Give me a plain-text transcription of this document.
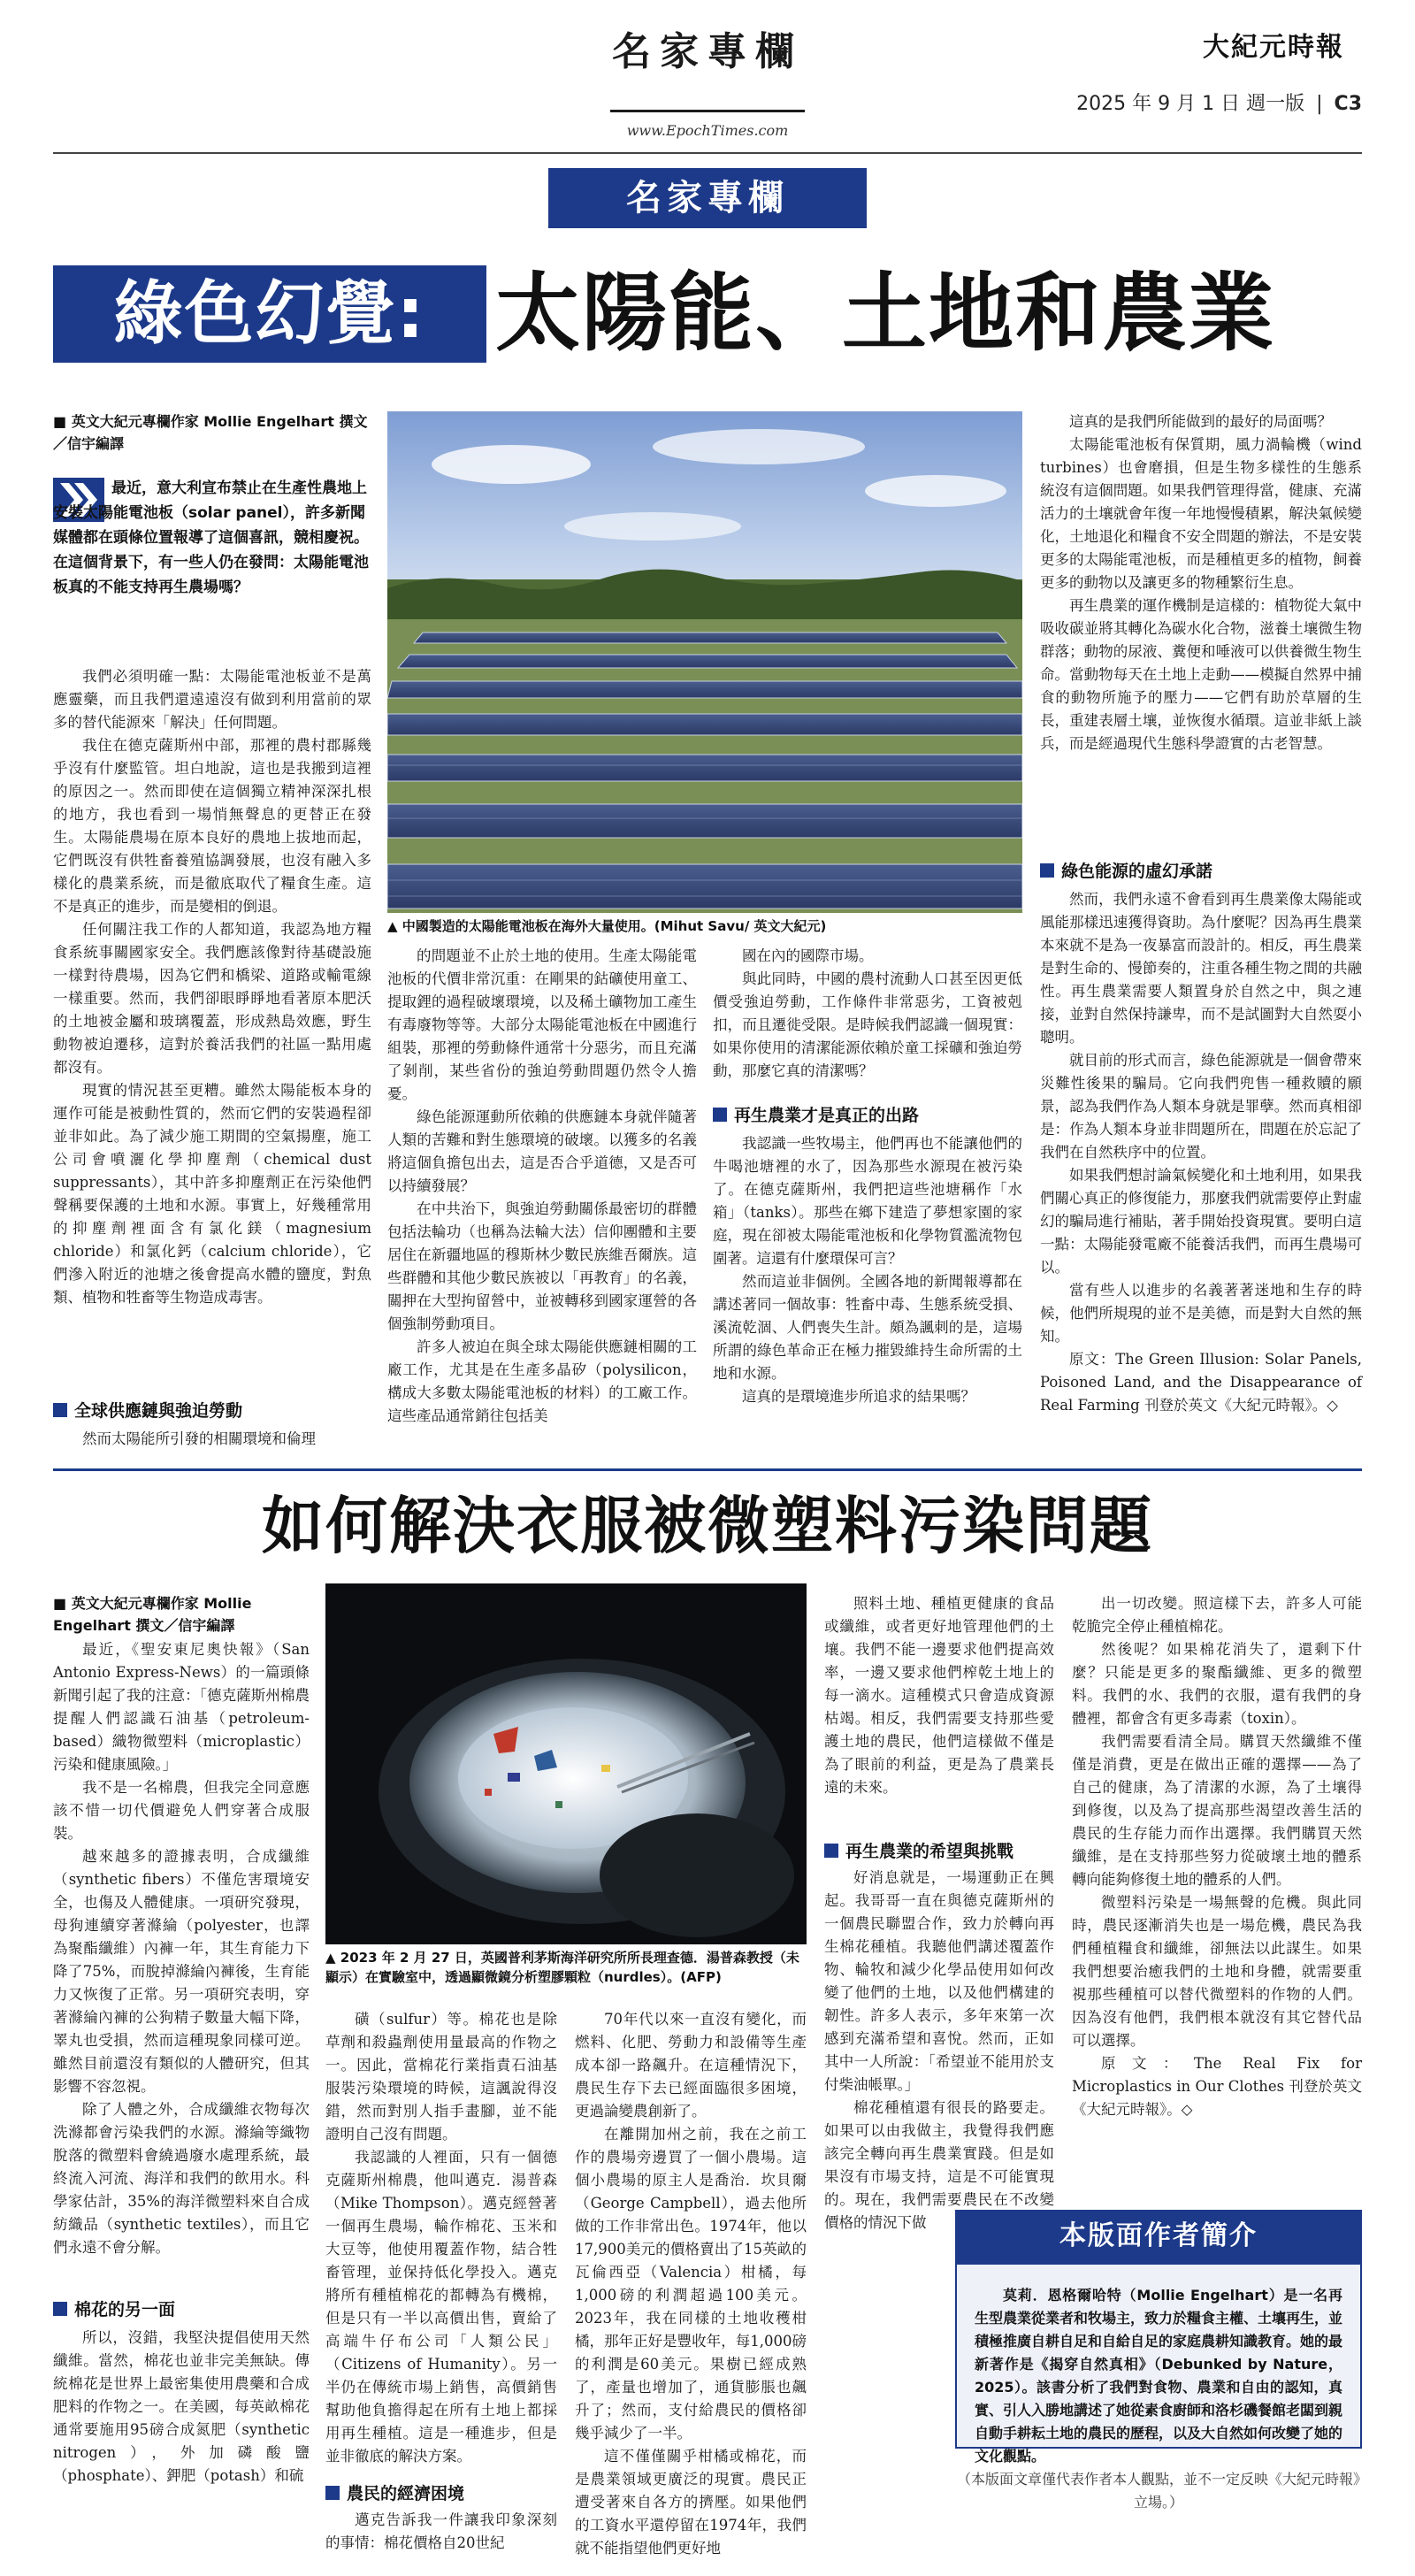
名家專欄
www.EpochTimes.com
大紀元時報
2025 年 9 月 1 日 週一版 | C3
名家專欄
綠色幻覺: 太陽能、土地和農業
■ 英文大紀元專欄作家 Mollie Engelhart 撰文／信宇編譯
最近，意大利宣布禁止在生產性農地上安裝太陽能電池板（solar panel），許多新聞媒體都在頭條位置報導了這個喜訊，競相慶祝。在這個背景下，有一些人仍在發問：太陽能電池板真的不能支持再生農場嗎？

我們必須明確一點：太陽能電池板並不是萬應靈藥，而且我們還遠遠沒有做到利用當前的眾多的替代能源來「解決」任何問題。

我住在德克薩斯州中部，那裡的農村郡縣幾乎沒有什麼監管。坦白地說，這也是我搬到這裡的原因之一。然而即使在這個獨立精神深深扎根的地方，我也看到一場悄無聲息的更替正在發生。太陽能農場在原本良好的農地上拔地而起，它們既沒有供牲畜養殖協調發展，也沒有融入多樣化的農業系統，而是徹底取代了糧食生產。這不是真正的進步，而是變相的倒退。

任何關注我工作的人都知道，我認為地方糧食系統事關國家安全。我們應該像對待基礎設施一樣對待農場，因為它們和橋梁、道路或輸電線一樣重要。然而，我們卻眼睜睜地看著原本肥沃的土地被金屬和玻璃覆蓋，形成熱島效應，野生動物被迫遷移，這對於養活我們的社區一點用處都沒有。

現實的情況甚至更糟。雖然太陽能板本身的運作可能是被動性質的，然而它們的安裝過程卻並非如此。為了減少施工期間的空氣揚塵，施工公司會噴灑化學抑塵劑（chemical dust suppressants），其中許多抑塵劑正在污染他們聲稱要保護的土地和水源。事實上，好幾種常用的抑塵劑裡面含有氯化鎂（magnesium chloride）和氯化鈣（calcium chloride），它們滲入附近的池塘之後會提高水體的鹽度，對魚類、植物和牲畜等生物造成毒害。

全球供應鏈與強迫勞動

然而太陽能所引發的相關環境和倫理

▲ 中國製造的太陽能電池板在海外大量使用。(Mihut Savu/ 英文大紀元)

的問題並不止於土地的使用。生產太陽能電池板的代價非常沉重：在剛果的鈷礦使用童工、提取鋰的過程破壞環境，以及稀土礦物加工產生有毒廢物等等。大部分太陽能電池板在中國進行組裝，那裡的勞動條件通常十分惡劣，而且充滿了剝削，某些省份的強迫勞動問題仍然令人擔憂。

綠色能源運動所依賴的供應鏈本身就伴隨著人類的苦難和對生態環境的破壞。以獲多的名義將這個負擔包出去，這是否合乎道德，又是否可以持續發展？

在中共治下，與強迫勞動關係最密切的群體包括法輪功（也稱為法輪大法）信仰團體和主要居住在新疆地區的穆斯林少數民族維吾爾族。這些群體和其他少數民族被以「再教育」的名義，關押在大型拘留營中，並被轉移到國家運營的各個強制勞動項目。

許多人被迫在與全球太陽能供應鏈相關的工廠工作，尤其是在生產多晶矽（polysilicon，構成大多數太陽能電池板的材料）的工廠工作。這些產品通常銷往包括美

國在內的國際市場。

與此同時，中國的農村流動人口甚至因更低價受強迫勞動，工作條件非常惡劣，工資被剋扣，而且遷徙受限。是時候我們認識一個現實：如果你使用的清潔能源依賴於童工採礦和強迫勞動，那麼它真的清潔嗎？

再生農業才是真正的出路

我認識一些牧場主，他們再也不能讓他們的牛喝池塘裡的水了，因為那些水源現在被污染了。在德克薩斯州，我們把這些池塘稱作「水箱」（tanks）。那些在鄉下建造了夢想家園的家庭，現在卻被太陽能電池板和化學物質濫流物包圍著。這還有什麼環保可言？

然而這並非個例。全國各地的新聞報導都在講述著同一個故事：牲畜中毒、生態系統受損、溪流乾涸、人們喪失生計。頗為諷刺的是，這場所謂的綠色革命正在極力摧毀維持生命所需的土地和水源。

這真的是環境進步所追求的結果嗎？

這真的是我們所能做到的最好的局面嗎？

太陽能電池板有保質期，風力渦輪機（wind turbines）也會磨損，但是生物多樣性的生態系統沒有這個問題。如果我們管理得當，健康、充滿活力的土壤就會年復一年地慢慢積累，解決氣候變化，土地退化和糧食不安全問題的辦法，不是安裝更多的太陽能電池板，而是種植更多的植物，飼養更多的動物以及讓更多的物種繁衍生息。

再生農業的運作機制是這樣的：植物從大氣中吸收碳並將其轉化為碳水化合物，滋養土壤微生物群落；動物的尿液、糞便和唾液可以供養微生物生命。當動物每天在土地上走動——模擬自然界中捕食的動物所施予的壓力——它們有助於草層的生長，重建表層土壤，並恢復水循環。這並非紙上談兵，而是經過現代生態科學證實的古老智慧。

綠色能源的虛幻承諾

然而，我們永遠不會看到再生農業像太陽能或風能那樣迅速獲得資助。為什麼呢？因為再生農業本來就不是為一夜暴富而設計的。相反，再生農業是對生命的、慢節奏的，注重各種生物之間的共融性。再生農業需要人類置身於自然之中，與之連接，並對自然保持謙卑，而不是試圖對大自然耍小聰明。

就目前的形式而言，綠色能源就是一個會帶來災難性後果的騙局。它向我們兜售一種救贖的願景，認為我們作為人類本身就是罪孽。然而真相卻是：作為人類本身並非問題所在，問題在於忘記了我們在自然秩序中的位置。

如果我們想討論氣候變化和土地利用，如果我們關心真正的修復能力，那麼我們就需要停止對虛幻的騙局進行補貼，著手開始投資現實。要明白這一點：太陽能發電廠不能養活我們，而再生農場可以。

當有些人以進步的名義著著迷地和生存的時候，他們所規現的並不是美德，而是對大自然的無知。

原文：The Green Illusion: Solar Panels, Poisoned Land, and the Disappearance of Real Farming 刊登於英文《大紀元時報》。◇

如何解決衣服被微塑料污染問題
■ 英文大紀元專欄作家 Mollie Engelhart 撰文／信宇編譯

最近，《聖安東尼奧快報》（San Antonio Express-News）的一篇頭條新聞引起了我的注意：「德克薩斯州棉農提醒人們認識石油基（petroleum-based）織物微塑料（microplastic）污染和健康風險。」

我不是一名棉農，但我完全同意應該不惜一切代價避免人們穿著合成服裝。

越來越多的證據表明，合成纖維（synthetic fibers）不僅危害環境安全，也傷及人體健康。一項研究發現，母狗連續穿著滌綸（polyester，也譯為聚酯纖維）內褲一年，其生育能力下降了75%，而脫掉滌綸內褲後，生育能力又恢復了正常。另一項研究表明，穿著滌綸內褲的公狗精子數量大幅下降，睪丸也受損，然而這種現象同樣可逆。雖然目前還沒有類似的人體研究，但其影響不容忽視。

除了人體之外，合成纖維衣物每次洗滌都會污染我們的水源。滌綸等織物脫落的微塑料會繞過廢水處理系統，最終流入河流、海洋和我們的飲用水。科學家估計，35%的海洋微塑料來自合成紡織品（synthetic textiles），而且它們永遠不會分解。

棉花的另一面

所以，沒錯，我堅決提倡使用天然纖維。當然，棉花也並非完美無缺。傳統棉花是世界上最密集使用農藥和合成肥料的作物之一。在美國，每英畝棉花通常要施用95磅合成氮肥（synthetic nitrogen），外加磷酸鹽（phosphate）、鉀肥（potash）和硫

▲ 2023 年 2 月 27 日，英國普利茅斯海洋研究所所長理查德．湯普森教授（未顯示）在實驗室中，透過顯微鏡分析塑膠顆粒（nurdles）。(AFP)

磺（sulfur）等。棉花也是除草劑和殺蟲劑使用量最高的作物之一。因此，當棉花行業指責石油基服裝污染環境的時候，這諷說得沒錯，然而對別人指手畫腳，並不能證明自己沒有問題。

我認識的人裡面，只有一個德克薩斯州棉農，他叫邁克．湯普森（Mike Thompson）。邁克經營著一個再生農場，輪作棉花、玉米和大豆等，他使用覆蓋作物，結合牲畜管理，並保持低化學投入。邁克將所有種植棉花的都轉為有機棉，但是只有一半以高價出售，賣給了高端牛仔布公司「人類公民」（Citizens of Humanity）。另一半仍在傳統市場上銷售，高價銷售幫助他負擔得起在所有土地上都採用再生種植。這是一種進步，但是並非徹底的解決方案。

農民的經濟困境

邁克告訴我一件讓我印象深刻的事情：棉花價格自20世紀

70年代以來一直沒有變化，而燃料、化肥、勞動力和設備等生產成本卻一路飆升。在這種情況下，農民生存下去已經面臨很多困境，更過論變農創新了。

在離開加州之前，我在之前工作的農場旁邊買了一個小農場。這個小農場的原主人是喬治．坎貝爾（George Campbell），過去他所做的工作非常出色。1974年，他以17,900美元的價格賣出了15英畝的瓦倫西亞（Valencia）柑橘，每1,000磅的利潤超過100美元。2023年，我在同樣的土地收穫柑橘，那年正好是豐收年，每1,000磅的利潤是60美元。果樹已經成熟了，產量也增加了，通貨膨脹也飆升了；然而，支付給農民的價格卻幾乎減少了一半。

這不僅僅關乎柑橘或棉花，而是農業領域更廣泛的現實。農民正遭受著來自各方的擠壓。如果他們的工資水平還停留在1974年，我們就不能指望他們更好地

照料土地、種植更健康的食品或纖維，或者更好地管理他們的土壤。我們不能一邊要求他們提高效率，一邊又要求他們榨乾土地上的每一滴水。這種模式只會造成資源枯竭。相反，我們需要支持那些愛護土地的農民，他們這樣做不僅是為了眼前的利益，更是為了農業長遠的未來。

再生農業的希望與挑戰

好消息就是，一場運動正在興起。我哥哥一直在與德克薩斯州的一個農民聯盟合作，致力於轉向再生棉花種植。我聽他們講述覆蓋作物、輪牧和減少化學品使用如何改變了他們的土地，以及他們構建的韌性。許多人表示，多年來第一次感到充滿希望和喜悅。然而，正如其中一人所說：「希望並不能用於支付柴油帳單。」

棉花種植還有很長的路要走。如果可以由我做主，我覺得我們應該完全轉向再生農業實踐。但是如果沒有市場支持，這是不可能實現的。現在，我們需要農民在不改變價格的情況下做

出一切改變。照這樣下去，許多人可能乾脆完全停止種植棉花。

然後呢？如果棉花消失了，還剩下什麼？只能是更多的聚酯纖維、更多的微塑料。我們的水、我們的衣服，還有我們的身體裡，都會含有更多毒素（toxin）。

我們需要看清全局。購買天然纖維不僅僅是消費，更是在做出正確的選擇——為了自己的健康，為了清潔的水源，為了土壤得到修復，以及為了提高那些渴望改善生活的農民的生存能力而作出選擇。我們購買天然纖維，是在支持那些努力從破壞土地的體系轉向能夠修復土地的體系的人們。

微塑料污染是一場無聲的危機。與此同時，農民逐漸消失也是一場危機，農民為我們種植糧食和纖維，卻無法以此謀生。如果我們想要治癒我們的土地和身體，就需要重視那些種植可以替代微塑料的作物的人們。因為沒有他們，我們根本就沒有其它替代品可以選擇。

原文：The Real Fix for Microplastics in Our Clothes 刊登於英文《大紀元時報》。◇

本版面作者簡介
莫莉．恩格爾哈特（Mollie Engelhart）是一名再生型農業從業者和牧場主，致力於糧食主權、土壤再生，並積極推廣自耕自足和自給自足的家庭農耕知識教育。她的最新著作是《揭穿自然真相》（Debunked by Nature，2025）。該書分析了我們對食物、農業和自由的認知，真實、引人入勝地講述了她從素食廚師和洛杉磯餐館老闆到親自動手耕耘土地的農民的歷程，以及大自然如何改變了她的文化觀點。
（本版面文章僅代表作者本人觀點，並不一定反映《大紀元時報》立場。）
